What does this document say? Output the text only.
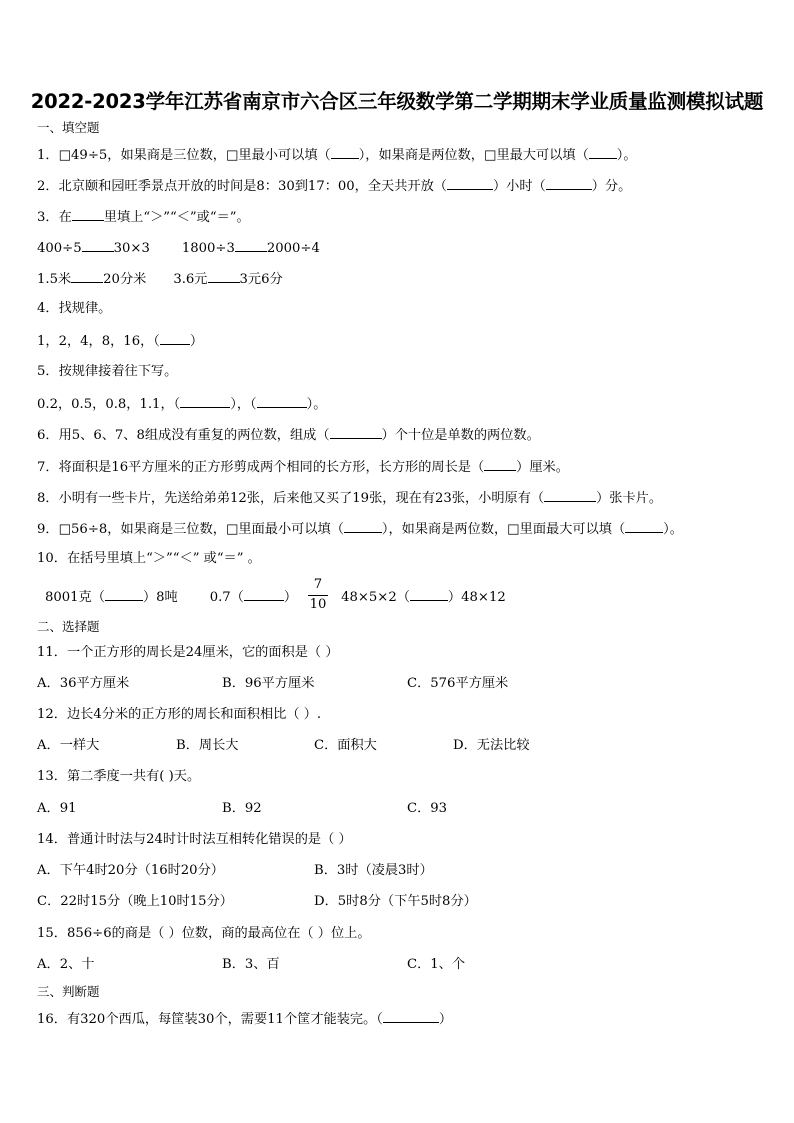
2022-2023学年江苏省南京市六合区三年级数学第二学期期末学业质量监测模拟试题
一、填空题
1．□49÷5，如果商是三位数，□里最小可以填（ ），如果商是两位数，□里最大可以填（ ）。
2．北京颐和园旺季景点开放的时间是8：30到17：00，全天共开放（	）小时（	）分。
3．在 里填上“＞”“＜”或“＝”。
400÷5 30×3 1800÷3 2000÷4
1.5米 20分米 3.6元 3元6分
4．找规律。
1，2，4，8，16，（ ）
5．按规律接着往下写。
0.2，0.5，0.8，1.1，（	），（	）。
6．用5、6、7、8组成没有重复的两位数，组成（	）个十位是单数的两位数。
7．将面积是16平方厘米的正方形剪成两个相同的长方形，长方形的周长是（ ）厘米。
8．小明有一些卡片，先送给弟弟12张，后来他又买了19张，现在有23张，小明原有（	）张卡片。
9．□56÷8，如果商是三位数，□里面最小可以填（	），如果商是两位数，□里面最大可以填（	）。
10．在括号里填上“＞”“＜” 或“＝” 。
8001克（	）8吨 0.7（	）	48×5×2（	）48×12
7
10
二、选择题
11．一个正方形的周长是24厘米，它的面积是（ ）
A．36平方厘米	B．96平方厘米	C．576平方厘米
12．边长4分米的正方形的周长和面积相比（ ）.
A．一样大	B．周长大	C．面积大	D．无法比较
13．第二季度一共有( )天。
A．91	B．92	C．93
14．普通计时法与24时计时法互相转化错误的是（ ）
A．下午4时20分（16时20分）	B．3时（凌晨3时）
C．22时15分（晚上10时15分）	D．5时8分（下午5时8分）
15．856÷6的商是（ ）位数，商的最高位在（ ）位上。
A．2、十	B．3、百	C．1、个
三、判断题
16．有320个西瓜，每筐装30个，需要11个筐才能装完。（	）
